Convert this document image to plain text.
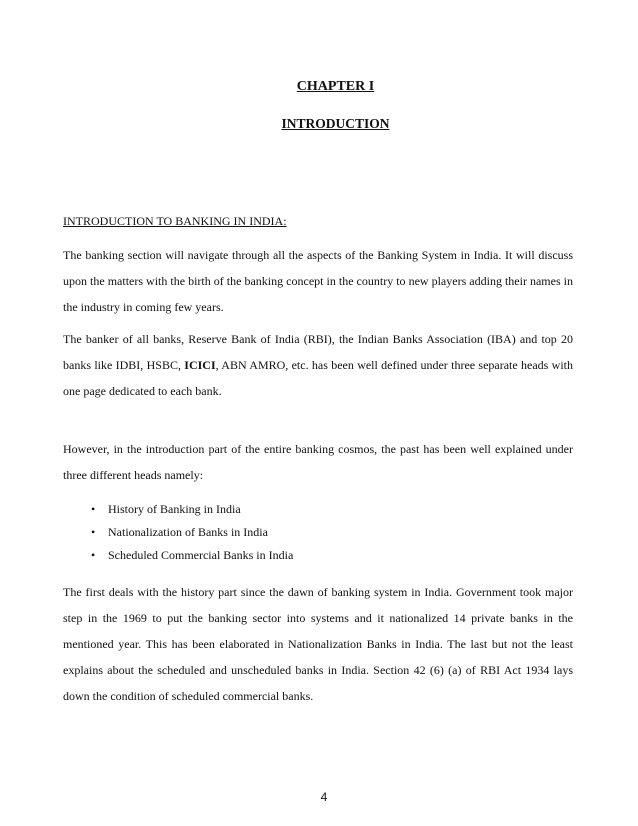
CHAPTER I
INTRODUCTION

INTRODUCTION TO BANKING IN INDIA:

The banking section will navigate through all the aspects of the Banking System in India. It will discuss upon the matters with the birth of the banking concept in the country to new players adding their names in the industry in coming few years.

The banker of all banks, Reserve Bank of India (RBI), the Indian Banks Association (IBA) and top 20 banks like IDBI, HSBC, ICICI, ABN AMRO, etc. has been well defined under three separate heads with one page dedicated to each bank.

However, in the introduction part of the entire banking cosmos, the past has been well explained under three different heads namely:

• History of Banking in India
• Nationalization of Banks in India
• Scheduled Commercial Banks in India

The first deals with the history part since the dawn of banking system in India. Government took major step in the 1969 to put the banking sector into systems and it nationalized 14 private banks in the mentioned year. This has been elaborated in Nationalization Banks in India. The last but not the least explains about the scheduled and unscheduled banks in India. Section 42 (6) (a) of RBI Act 1934 lays down the condition of scheduled commercial banks.

4
